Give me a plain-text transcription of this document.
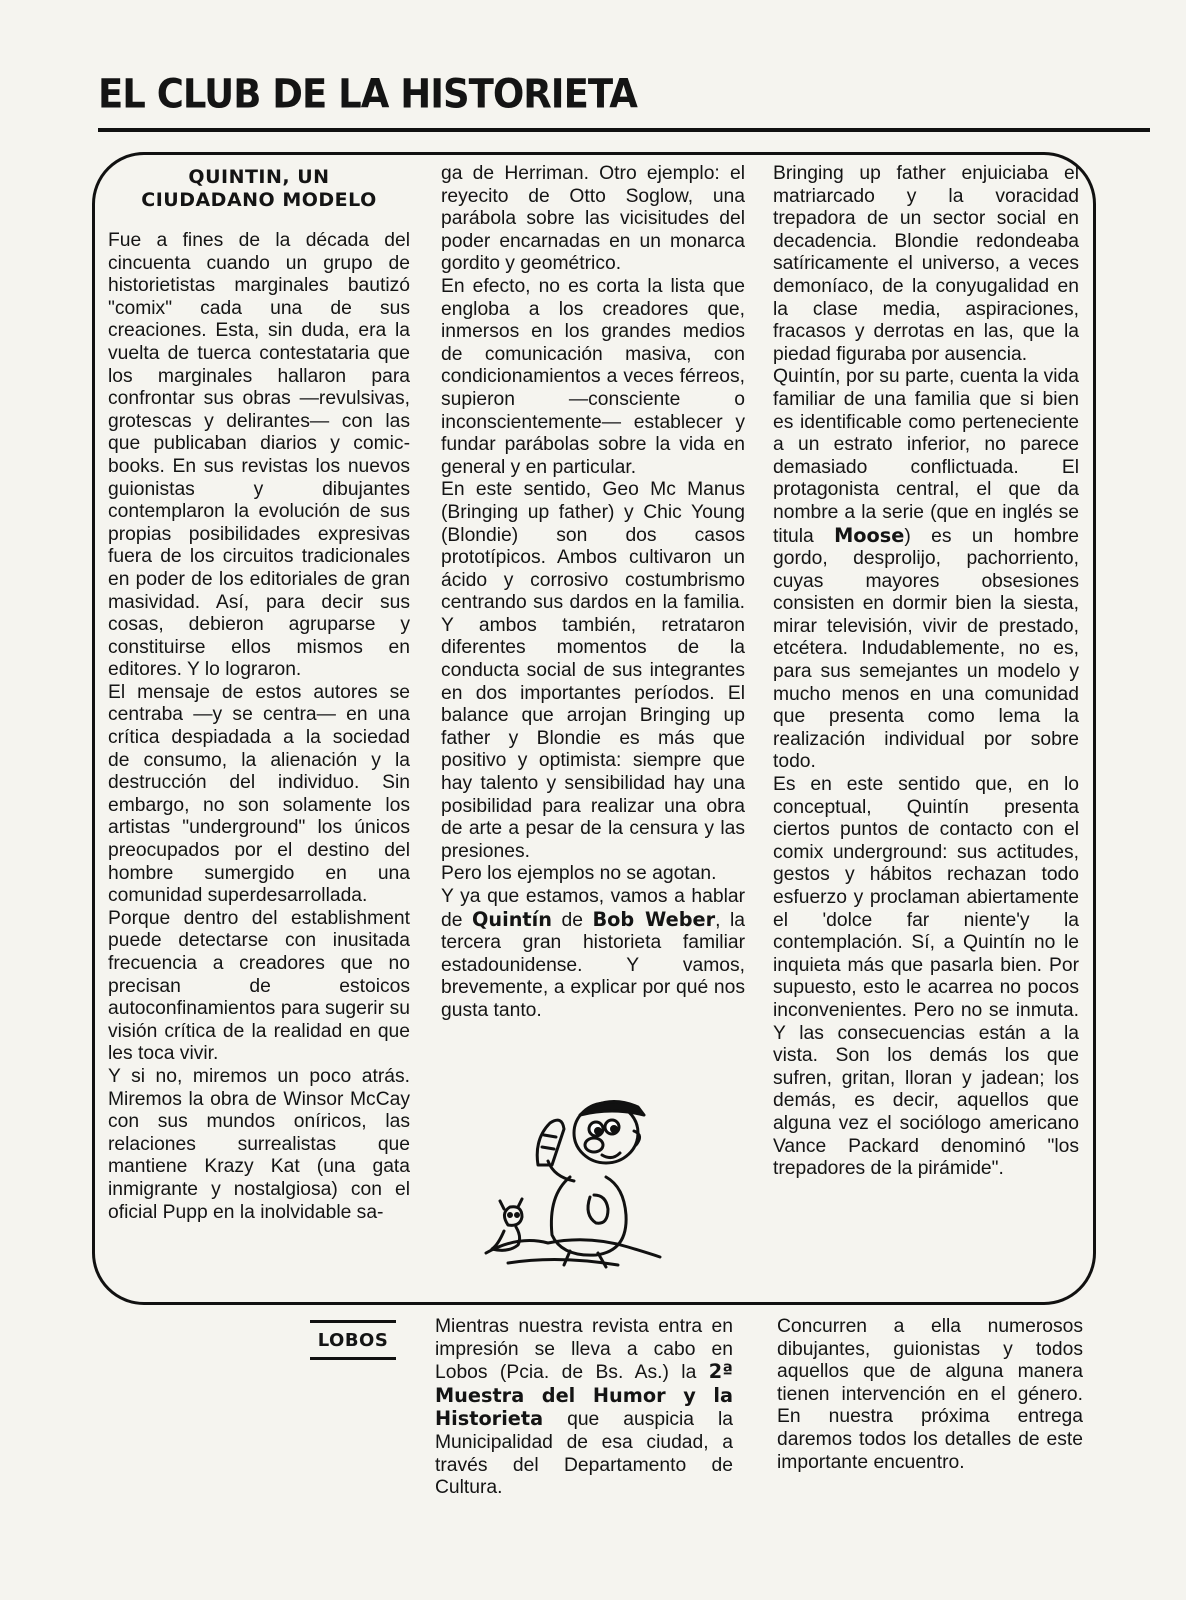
EL CLUB DE LA HISTORIETA
QUINTIN, UN CIUDADANO MODELO

Fue a fines de la década del cincuenta cuando un grupo de historietistas marginales bautizó "comix" cada una de sus creaciones. Esta, sin duda, era la vuelta de tuerca contestataria que los marginales hallaron para confrontar sus obras —revulsivas, grotescas y delirantes— con las que publicaban diarios y comic-books. En sus revistas los nuevos guionistas y dibujantes contemplaron la evolución de sus propias posibilidades expresivas fuera de los circuitos tradicionales en poder de los editoriales de gran masividad. Así, para decir sus cosas, debieron agruparse y constituirse ellos mismos en editores. Y lo lograron.

El mensaje de estos autores se centraba —y se centra— en una crítica despiadada a la sociedad de consumo, la alienación y la destrucción del individuo. Sin embargo, no son solamente los artistas "underground" los únicos preocupados por el destino del hombre sumergido en una comunidad superdesarrollada.

Porque dentro del establishment puede detectarse con inusitada frecuencia a creadores que no precisan de estoicos autoconfinamientos para sugerir su visión crítica de la realidad en que les toca vivir.

Y si no, miremos un poco atrás. Miremos la obra de Winsor McCay con sus mundos oníricos, las relaciones surrealistas que mantiene Krazy Kat (una gata inmigrante y nostalgiosa) con el oficial Pupp en la inolvidable sa-

ga de Herriman. Otro ejemplo: el reyecito de Otto Soglow, una parábola sobre las vicisitudes del poder encarnadas en un monarca gordito y geométrico.

En efecto, no es corta la lista que engloba a los creadores que, inmersos en los grandes medios de comunicación masiva, con condicionamientos a veces férreos, supieron —consciente o inconscientemente— establecer y fundar parábolas sobre la vida en general y en particular.

En este sentido, Geo Mc Manus (Bringing up father) y Chic Young (Blondie) son dos casos prototípicos. Ambos cultivaron un ácido y corrosivo costumbrismo centrando sus dardos en la familia. Y ambos también, retrataron diferentes momentos de la conducta social de sus integrantes en dos importantes períodos. El balance que arrojan Bringing up father y Blondie es más que positivo y optimista: siempre que hay talento y sensibilidad hay una posibilidad para realizar una obra de arte a pesar de la censura y las presiones.

Pero los ejemplos no se agotan.

Y ya que estamos, vamos a hablar de Quintín de Bob Weber, la tercera gran historieta familiar estadounidense. Y vamos, brevemente, a explicar por qué nos gusta tanto.

Bringing up father enjuiciaba el matriarcado y la voracidad trepadora de un sector social en decadencia. Blondie redondeaba satíricamente el universo, a veces demoníaco, de la conyugalidad en la clase media, aspiraciones, fracasos y derrotas en las, que la piedad figuraba por ausencia.

Quintín, por su parte, cuenta la vida familiar de una familia que si bien es identificable como perteneciente a un estrato inferior, no parece demasiado conflictuada. El protagonista central, el que da nombre a la serie (que en inglés se titula Moose) es un hombre gordo, desprolijo, pachorriento, cuyas mayores obsesiones consisten en dormir bien la siesta, mirar televisión, vivir de prestado, etcétera. Indudablemente, no es, para sus semejantes un modelo y mucho menos en una comunidad que presenta como lema la realización individual por sobre todo.

Es en este sentido que, en lo conceptual, Quintín presenta ciertos puntos de contacto con el comix underground: sus actitudes, gestos y hábitos rechazan todo esfuerzo y proclaman abiertamente el 'dolce far niente'y la contemplación. Sí, a Quintín no le inquieta más que pasarla bien. Por supuesto, esto le acarrea no pocos inconvenientes. Pero no se inmuta. Y las consecuencias están a la vista. Son los demás los que sufren, gritan, lloran y jadean; los demás, es decir, aquellos que alguna vez el sociólogo americano Vance Packard denominó "los trepadores de la pirámide".

LOBOS

Mientras nuestra revista entra en impresión se lleva a cabo en Lobos (Pcia. de Bs. As.) la 2ª Muestra del Humor y la Historieta que auspicia la Municipalidad de esa ciudad, a través del Departamento de Cultura.

Concurren a ella numerosos dibujantes, guionistas y todos aquellos que de alguna manera tienen intervención en el género. En nuestra próxima entrega daremos todos los detalles de este importante encuentro.
